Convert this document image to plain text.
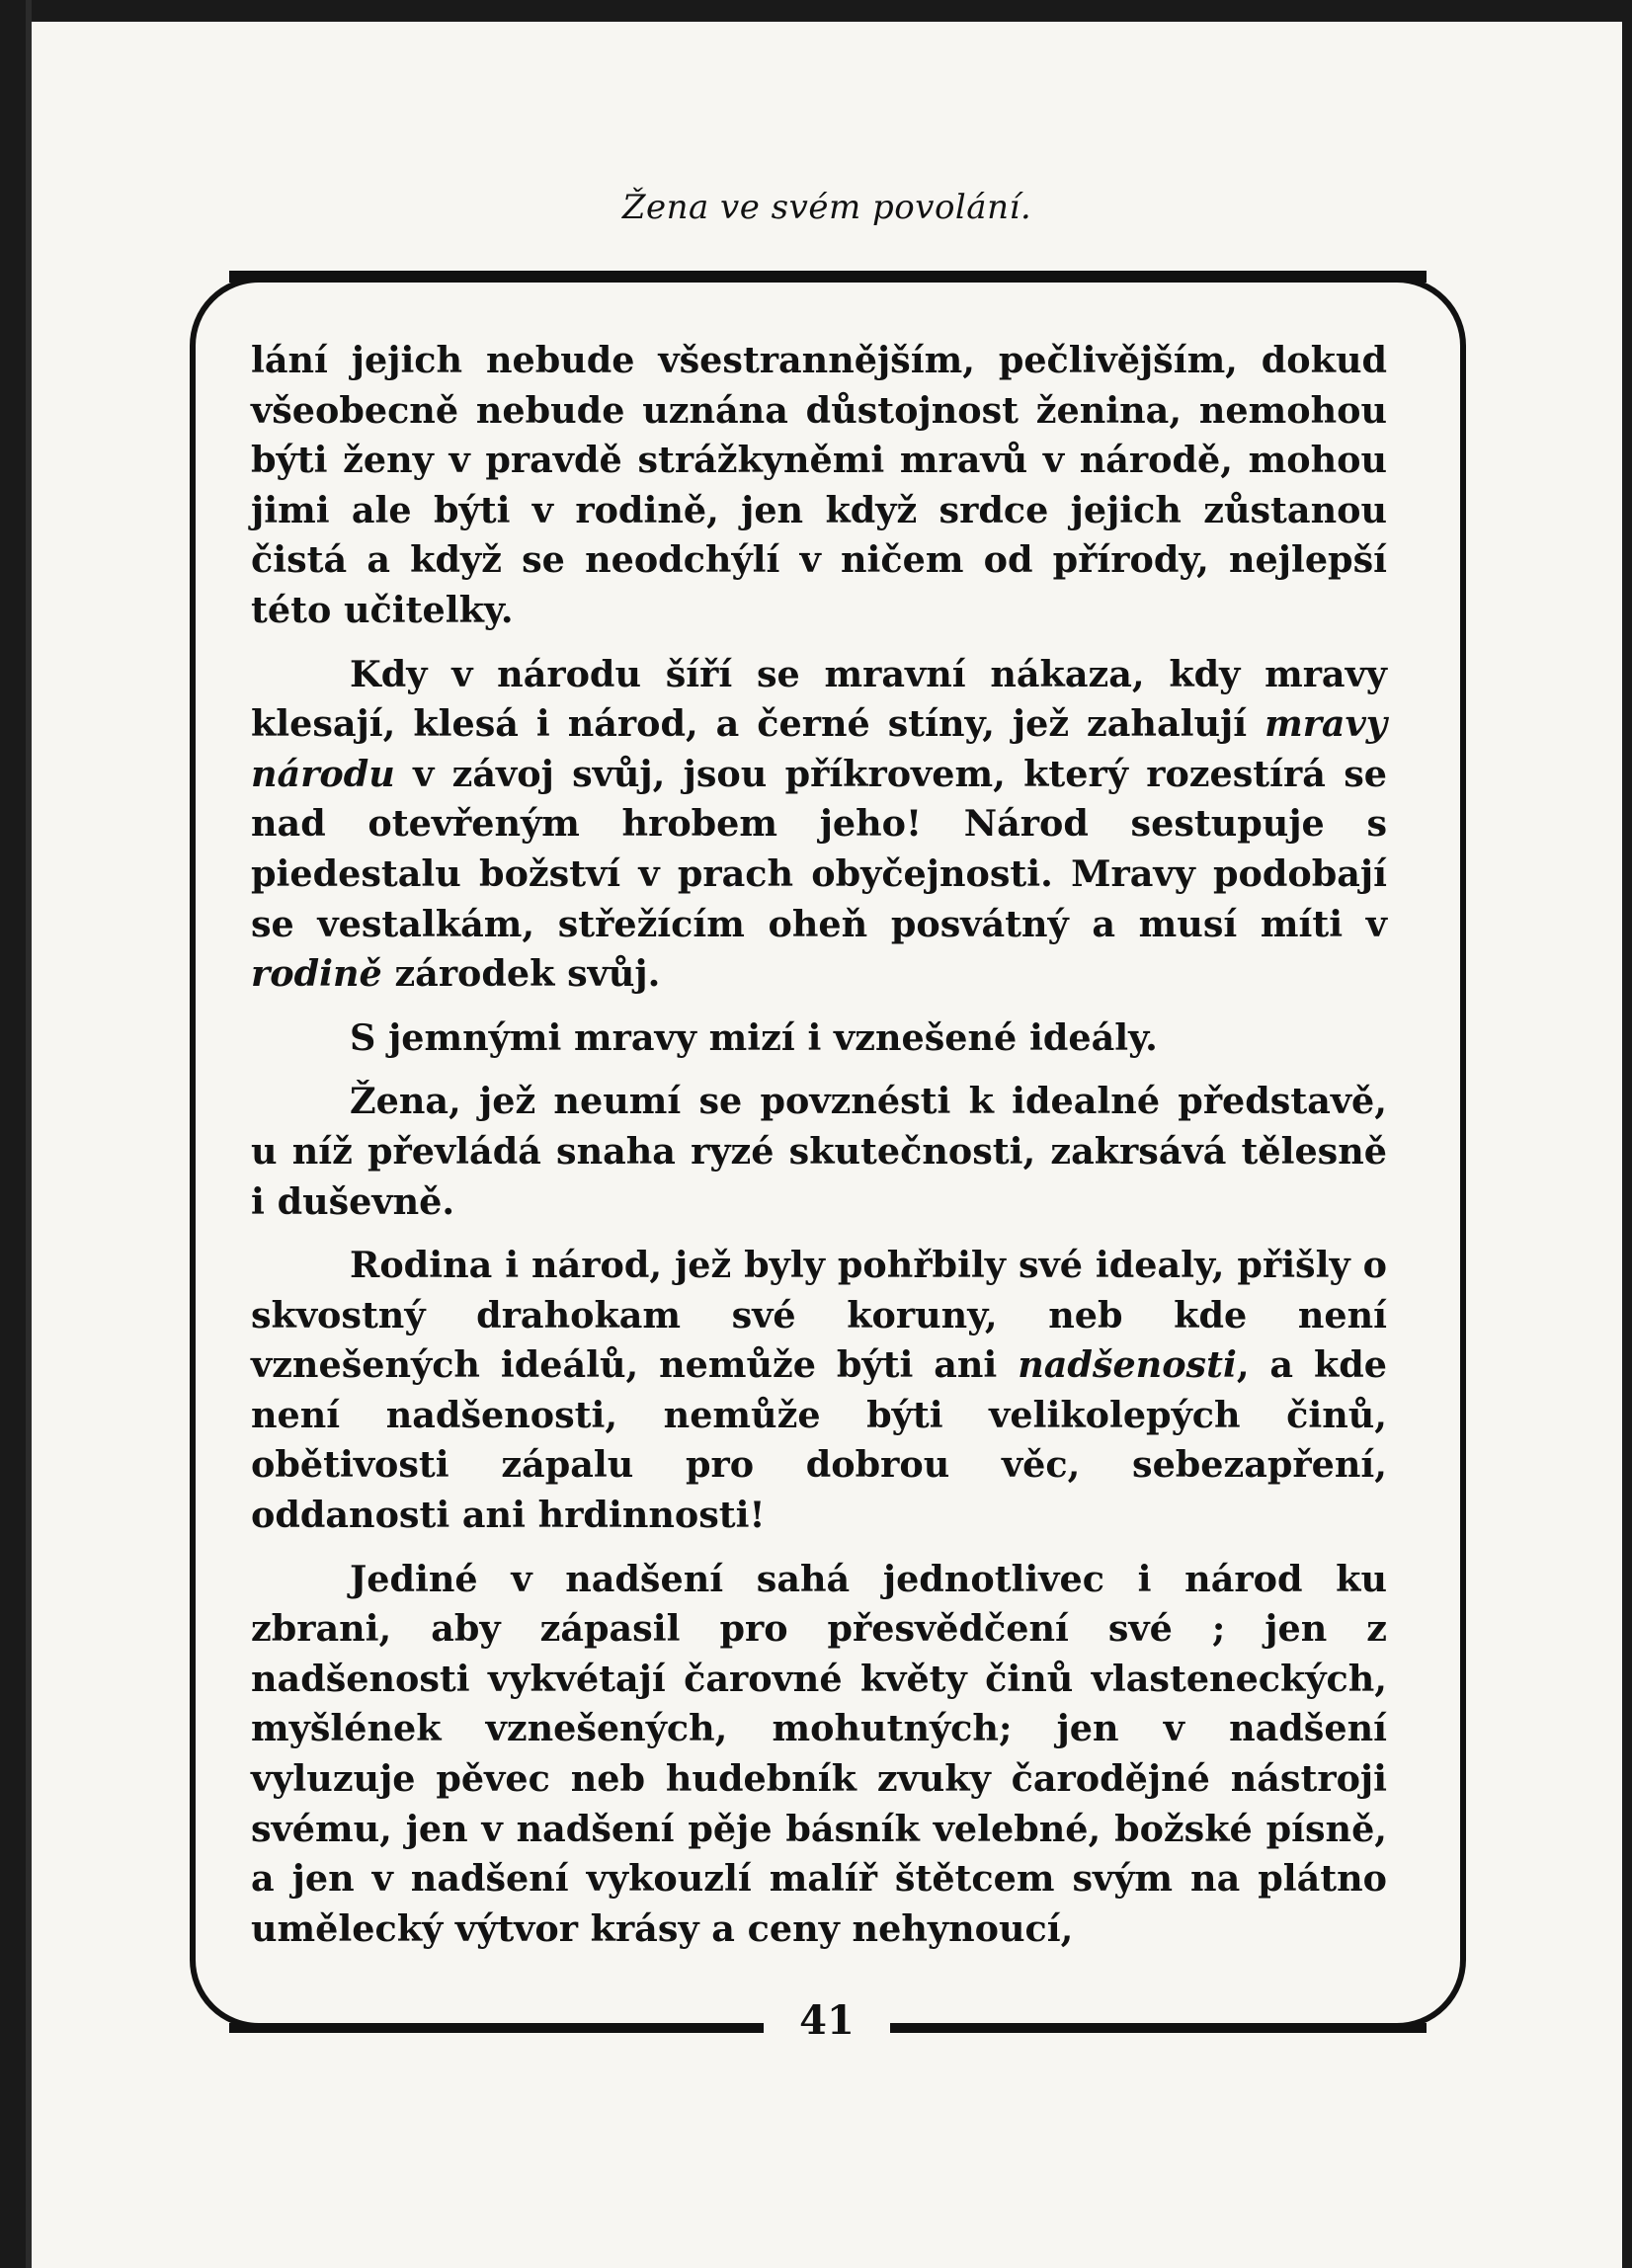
Žena ve svém povolání.

lání jejich nebude všestrannějším, pečlivějším, dokud všeobecně nebude uznána důstojnost ženina, nemohou býti ženy v pravdě strážkyněmi mravů v národě, mohou jimi ale býti v rodině, jen když srdce jejich zůstanou čistá a když se neodchýlí v ničem od přírody, nejlepší této učitelky.

Kdy v národu šíří se mravní nákaza, kdy mravy klesají, klesá i národ, a černé stíny, jež zahalují mravy národu v závoj svůj, jsou příkrovem, který rozestírá se nad otevřeným hrobem jeho! Národ sestupuje s piedestalu božství v prach obyčejnosti. Mravy podobají se vestalkám, střežícím oheň posvátný a musí míti v rodině zárodek svůj.

S jemnými mravy mizí i vznešené ideály.

Žena, jež neumí se povznésti k idealné představě, u níž převládá snaha ryzé skutečnosti, zakrsává tělesně i duševně.

Rodina i národ, jež byly pohřbily své idealy, přišly o skvostný drahokam své koruny, neb kde není vznešených ideálů, nemůže býti ani nadšenosti, a kde není nadšenosti, nemůže býti velikolepých činů, obětivosti zápalu pro dobrou věc, sebezapření, oddanosti ani hrdinnosti!

Jediné v nadšení sahá jednotlivec i národ ku zbrani, aby zápasil pro přesvědčení své ; jen z nadšenosti vykvétají čarovné květy činů vlasteneckých, myšlének vznešených, mohutných; jen v nadšení vyluzuje pěvec neb hudebník zvuky čarodějné nástroji svému, jen v nadšení pěje básník velebné, božské písně, a jen v nadšení vykouzlí malíř štětcem svým na plátno umělecký výtvor krásy a ceny nehynoucí,

41
